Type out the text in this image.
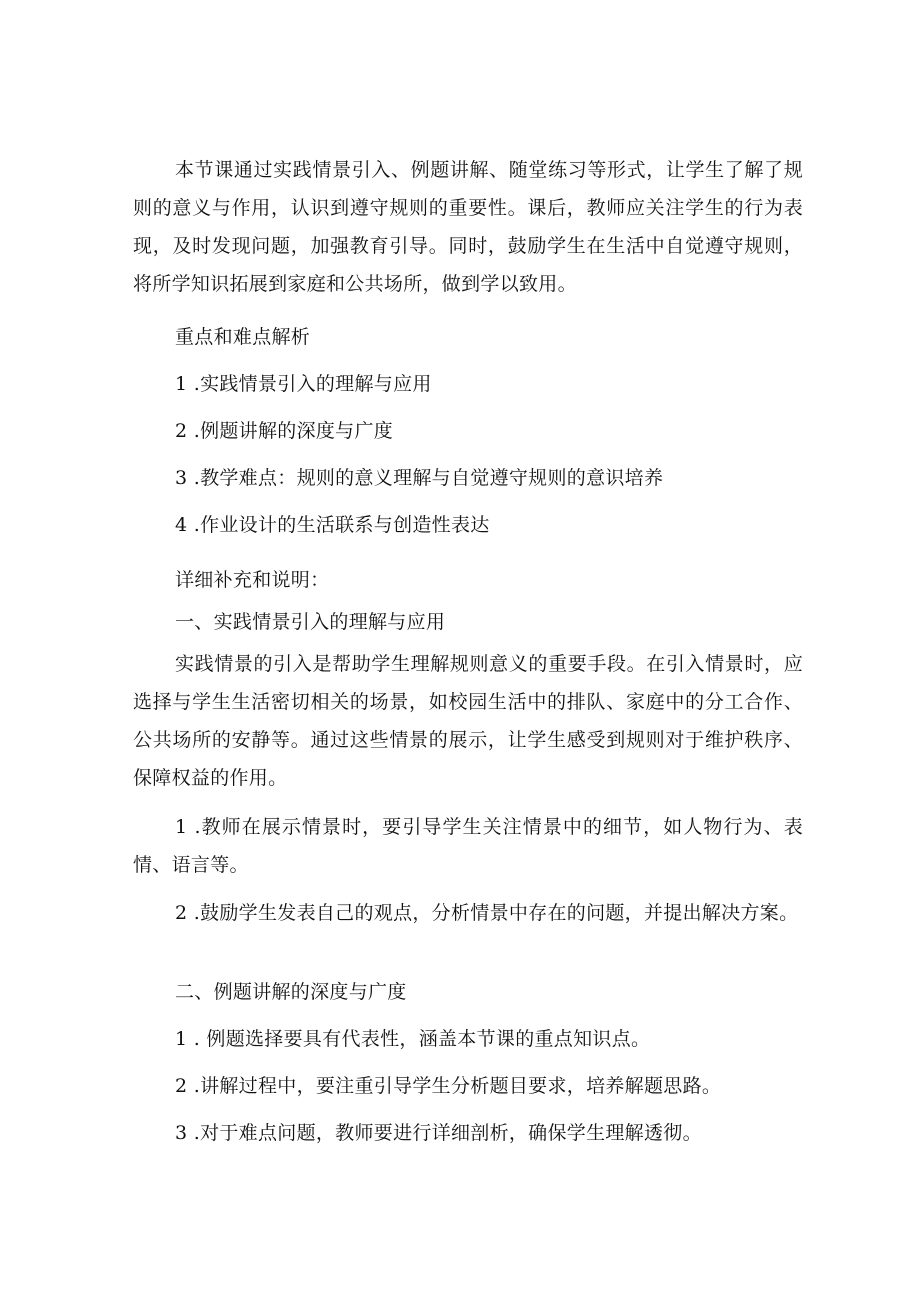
本节课通过实践情景引入、例题讲解、随堂练习等形式，让学生了解了规则的意义与作用，认识到遵守规则的重要性。课后，教师应关注学生的行为表现，及时发现问题，加强教育引导。同时，鼓励学生在生活中自觉遵守规则，将所学知识拓展到家庭和公共场所，做到学以致用。

重点和难点解析

1 .实践情景引入的理解与应用

2 .例题讲解的深度与广度

3 .教学难点：规则的意义理解与自觉遵守规则的意识培养

4 .作业设计的生活联系与创造性表达

详细补充和说明：

一、实践情景引入的理解与应用

实践情景的引入是帮助学生理解规则意义的重要手段。在引入情景时，应选择与学生生活密切相关的场景，如校园生活中的排队、家庭中的分工合作、公共场所的安静等。通过这些情景的展示，让学生感受到规则对于维护秩序、保障权益的作用。

1 .教师在展示情景时，要引导学生关注情景中的细节，如人物行为、表情、语言等。

2 .鼓励学生发表自己的观点，分析情景中存在的问题，并提出解决方案。

二、例题讲解的深度与广度

1 . 例题选择要具有代表性，涵盖本节课的重点知识点。

2 .讲解过程中，要注重引导学生分析题目要求，培养解题思路。

3 .对于难点问题，教师要进行详细剖析，确保学生理解透彻。
